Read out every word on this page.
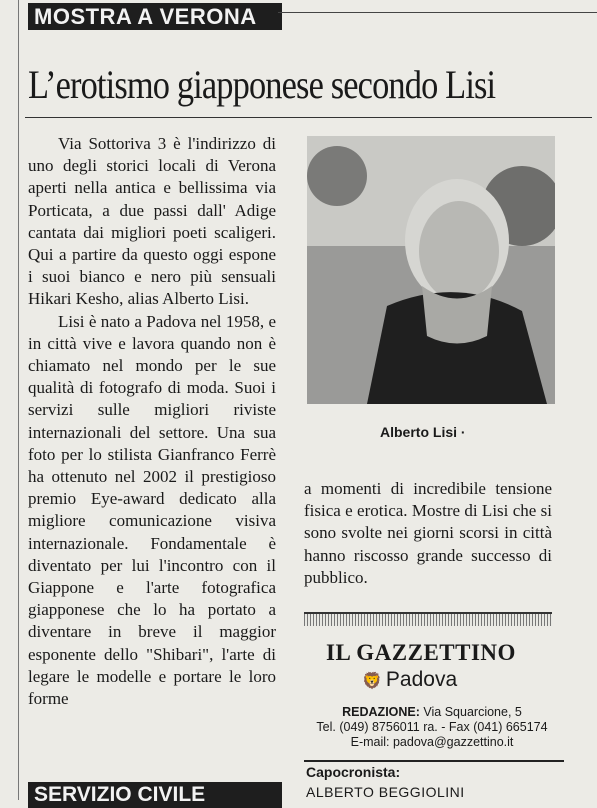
MOSTRA A VERONA
L’erotismo giapponese secondo Lisi

Via Sottoriva 3 è l'indirizzo di uno degli storici locali di Verona aperti nella antica e bellissima via Porticata, a due passi dall' Adige cantata dai migliori poeti scaligeri. Qui a partire da questo oggi espone i suoi bianco e nero più sensuali Hikari Kesho, alias Alberto Lisi.

Lisi è nato a Padova nel 1958, e in città vive e lavora quando non è chiamato nel mondo per le sue qualità di fotografo di moda. Suoi i servizi sulle migliori riviste internazionali del settore. Una sua foto per lo stilista Gianfranco Ferrè ha ottenuto nel 2002 il prestigioso premio Eye-award dedicato alla migliore comunicazione visiva internazionale. Fondamentale è diventato per lui l'incontro con il Giappone e l'arte fotografica giapponese che lo ha portato a diventare in breve il maggior esponente dello "Shibari", l'arte di legare le modelle e portare le loro forme

Alberto Lisi ·

a momenti di incredibile tensione fisica e erotica. Mostre di Lisi che si sono svolte nei giorni scorsi in città hanno riscosso grande successo di pubblico.

IL GAZZETTINO
🦁 Padova
REDAZIONE: Via Squarcione, 5
Tel. (049) 8756011 ra. - Fax (041) 665174
E-mail: padova@gazzettino.it
Capocronista:
ALBERTO BEGGIOLINI
SERVIZIO CIVILE
